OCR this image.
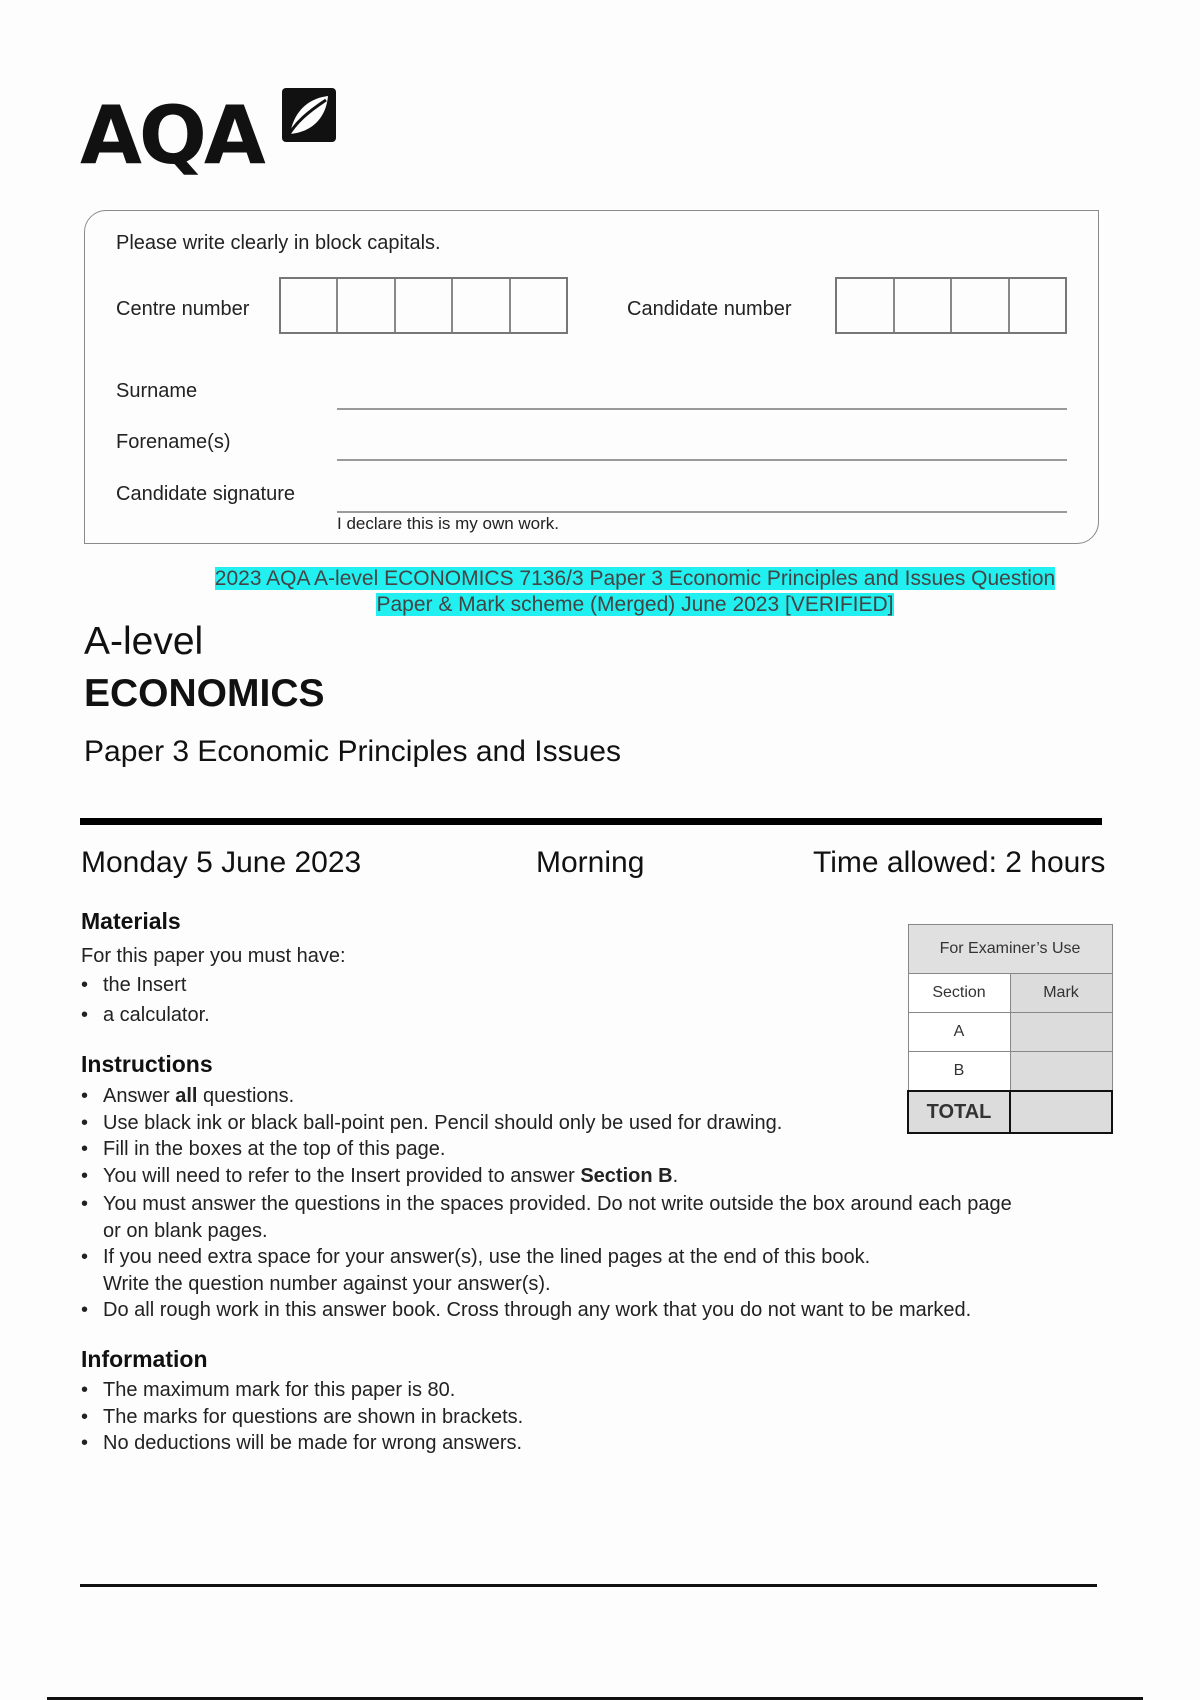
AQA
Please write clearly in block capitals.
Centre number	Candidate number
Surname
Forename(s)
Candidate signature
I declare this is my own work.
2023 AQA A-level ECONOMICS 7136/3 Paper 3 Economic Principles and Issues Question
Paper & Mark scheme (Merged) June 2023 [VERIFIED]
A-level
ECONOMICS
Paper 3 Economic Principles and Issues
Monday 5 June 2023	Morning	Time allowed: 2 hours
Materials
For this paper you must have:
• the Insert
• a calculator.
Instructions
• Answer all questions.
• Use black ink or black ball-point pen. Pencil should only be used for drawing.
• Fill in the boxes at the top of this page.
• You will need to refer to the Insert provided to answer Section B.
• You must answer the questions in the spaces provided. Do not write outside the box around each page or on blank pages.
• If you need extra space for your answer(s), use the lined pages at the end of this book. Write the question number against your answer(s).
• Do all rough work in this answer book. Cross through any work that you do not want to be marked.
Information
• The maximum mark for this paper is 80.
• The marks for questions are shown in brackets.
• No deductions will be made for wrong answers.
For Examiner’s Use	
Section	Mark
A	
B	
TOTAL	
